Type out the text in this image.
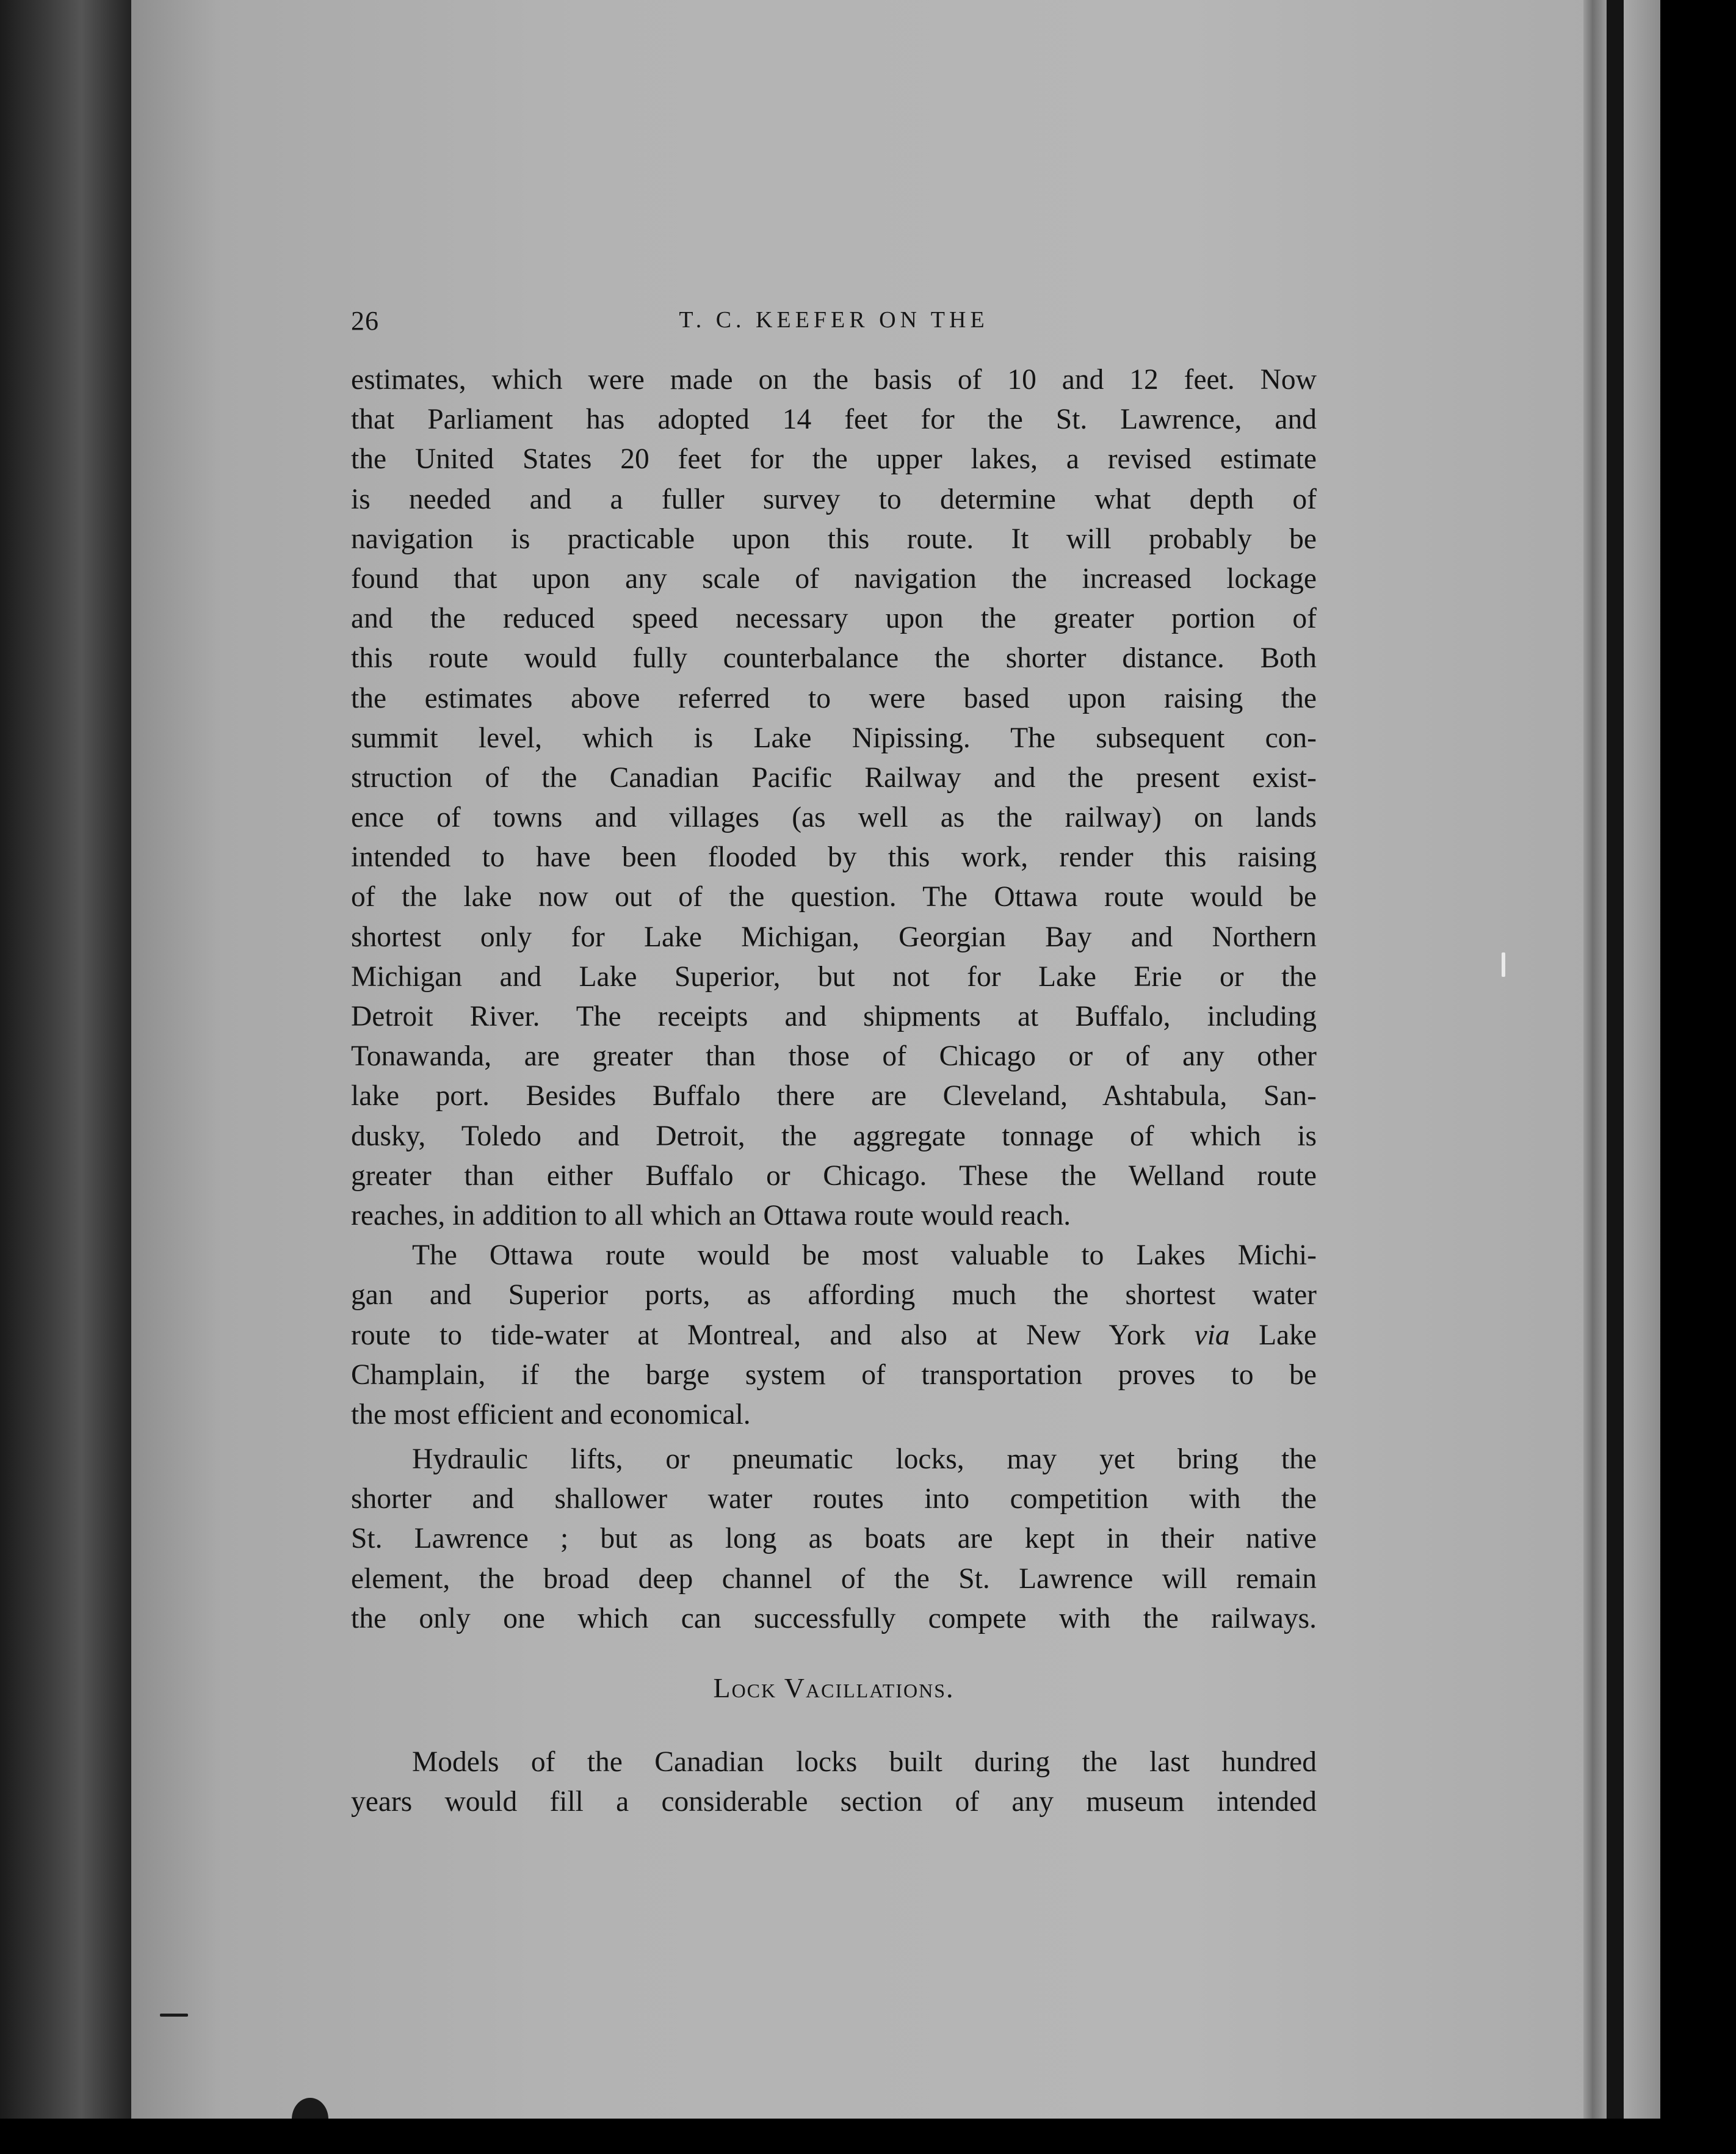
26	T. C. KEEFER ON THE
estimates, which were made on the basis of 10 and 12 feet. Now
that Parliament has adopted 14 feet for the St. Lawrence, and
the United States 20 feet for the upper lakes, a revised estimate
is needed and a fuller survey to determine what depth of
navigation is practicable upon this route. It will probably be
found that upon any scale of navigation the increased lockage
and the reduced speed necessary upon the greater portion of
this route would fully counterbalance the shorter distance. Both
the estimates above referred to were based upon raising the
summit level, which is Lake Nipissing. The subsequent con-
struction of the Canadian Pacific Railway and the present exist-
ence of towns and villages (as well as the railway) on lands
intended to have been flooded by this work, render this raising
of the lake now out of the question. The Ottawa route would be
shortest only for Lake Michigan, Georgian Bay and Northern
Michigan and Lake Superior, but not for Lake Erie or the
Detroit River. The receipts and shipments at Buffalo, including
Tonawanda, are greater than those of Chicago or of any other
lake port. Besides Buffalo there are Cleveland, Ashtabula, San-
dusky, Toledo and Detroit, the aggregate tonnage of which is
greater than either Buffalo or Chicago. These the Welland route
reaches, in addition to all which an Ottawa route would reach.
The Ottawa route would be most valuable to Lakes Michi-
gan and Superior ports, as affording much the shortest water
route to tide-water at Montreal, and also at New York via Lake
Champlain, if the barge system of transportation proves to be
the most efficient and economical.
Hydraulic lifts, or pneumatic locks, may yet bring the
shorter and shallower water routes into competition with the
St. Lawrence ; but as long as boats are kept in their native
element, the broad deep channel of the St. Lawrence will remain
the only one which can successfully compete with the railways.
Lock Vacillations.
Models of the Canadian locks built during the last hundred
years would fill a considerable section of any museum intended
